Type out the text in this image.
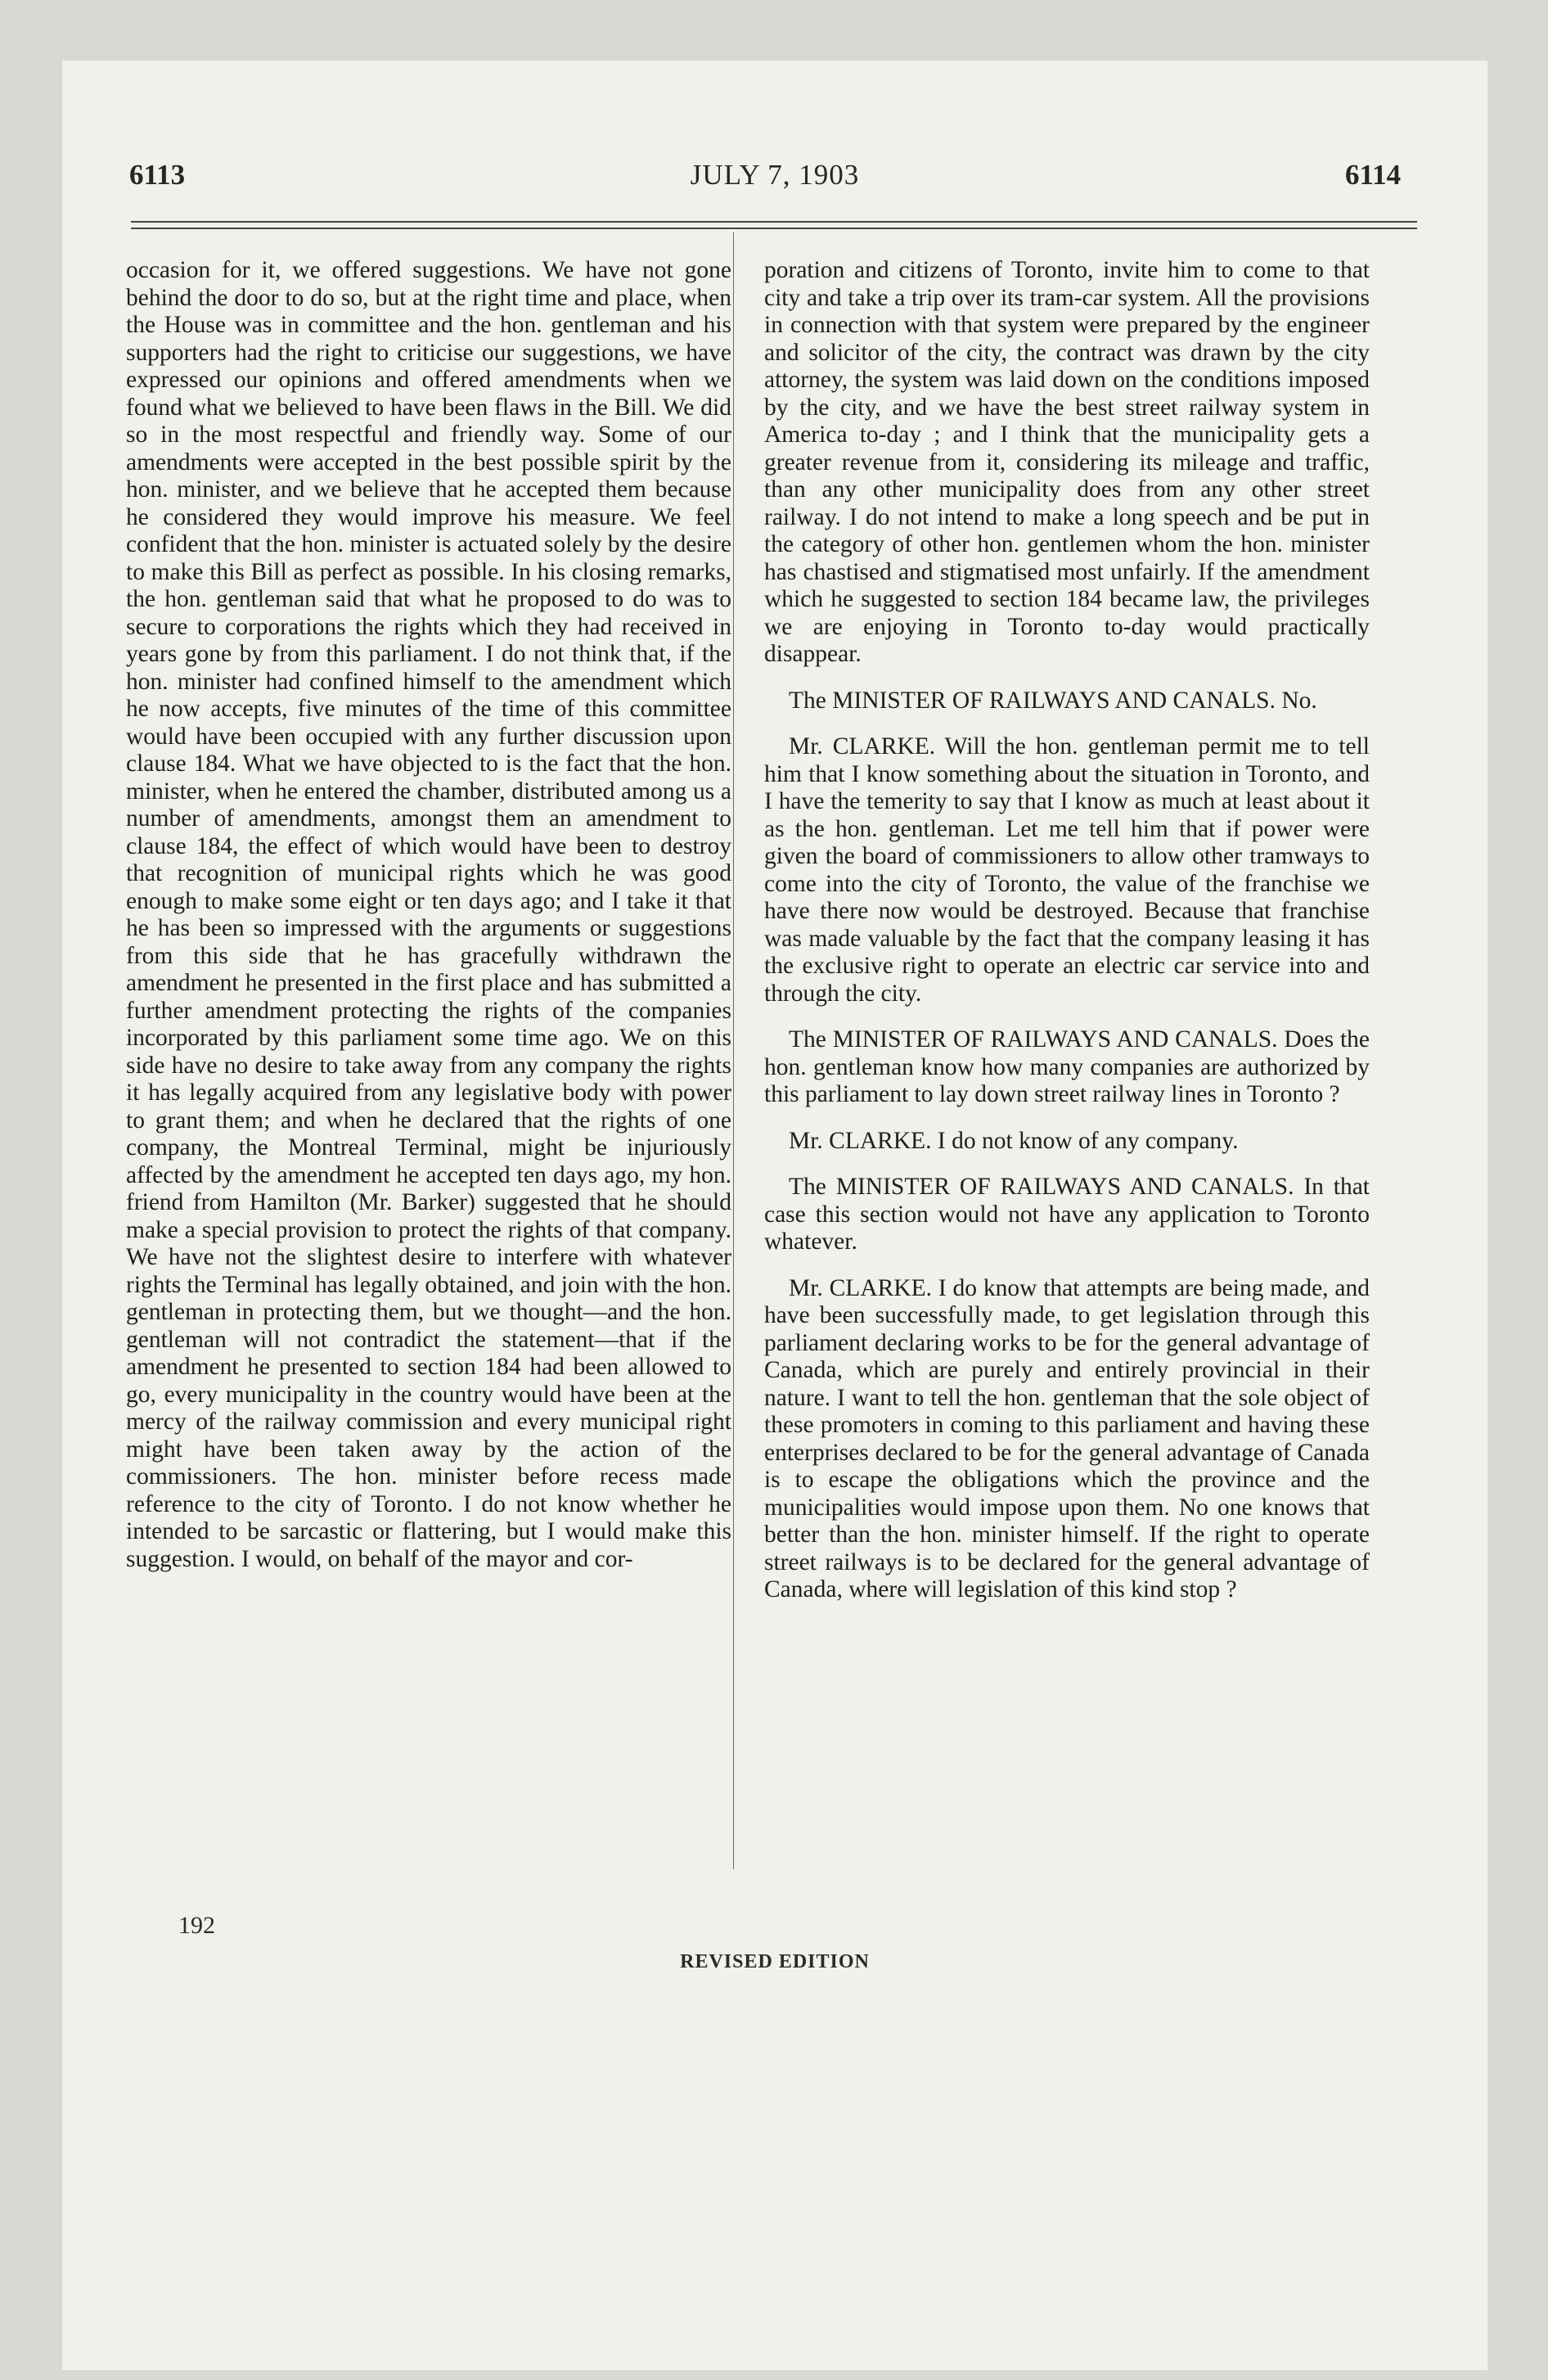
6113	JULY 7, 1903	6114

occasion for it, we offered suggestions. We have not gone behind the door to do so, but at the right time and place, when the House was in committee and the hon. gentleman and his supporters had the right to criticise our suggestions, we have expressed our opinions and offered amendments when we found what we believed to have been flaws in the Bill. We did so in the most respectful and friendly way. Some of our amendments were accepted in the best possible spirit by the hon. minister, and we believe that he accepted them because he considered they would improve his measure. We feel confident that the hon. minister is actuated solely by the desire to make this Bill as perfect as possible. In his closing remarks, the hon. gentleman said that what he proposed to do was to secure to corporations the rights which they had received in years gone by from this parliament. I do not think that, if the hon. minister had confined himself to the amendment which he now accepts, five minutes of the time of this committee would have been occupied with any further discussion upon clause 184. What we have objected to is the fact that the hon. minister, when he entered the chamber, distributed among us a number of amendments, amongst them an amendment to clause 184, the effect of which would have been to destroy that recognition of municipal rights which he was good enough to make some eight or ten days ago; and I take it that he has been so impressed with the arguments or suggestions from this side that he has gracefully withdrawn the amendment he presented in the first place and has submitted a further amendment protecting the rights of the companies incorporated by this parliament some time ago. We on this side have no desire to take away from any company the rights it has legally acquired from any legislative body with power to grant them; and when he declared that the rights of one company, the Montreal Terminal, might be injuriously affected by the amendment he accepted ten days ago, my hon. friend from Hamilton (Mr. Barker) suggested that he should make a special provision to protect the rights of that company. We have not the slightest desire to interfere with whatever rights the Terminal has legally obtained, and join with the hon. gentleman in protecting them, but we thought—and the hon. gentleman will not contradict the statement—that if the amendment he presented to section 184 had been allowed to go, every municipality in the country would have been at the mercy of the railway commission and every municipal right might have been taken away by the action of the commissioners. The hon. minister before recess made reference to the city of Toronto. I do not know whether he intended to be sarcastic or flattering, but I would make this suggestion. I would, on behalf of the mayor and cor-

poration and citizens of Toronto, invite him to come to that city and take a trip over its tram-car system. All the provisions in connection with that system were prepared by the engineer and solicitor of the city, the contract was drawn by the city attorney, the system was laid down on the conditions imposed by the city, and we have the best street railway system in America to-day ; and I think that the municipality gets a greater revenue from it, considering its mileage and traffic, than any other municipality does from any other street railway. I do not intend to make a long speech and be put in the category of other hon. gentlemen whom the hon. minister has chastised and stigmatised most unfairly. If the amendment which he suggested to section 184 became law, the privileges we are enjoying in Toronto to-day would practically disappear.

The MINISTER OF RAILWAYS AND CANALS. No.

Mr. CLARKE. Will the hon. gentleman permit me to tell him that I know something about the situation in Toronto, and I have the temerity to say that I know as much at least about it as the hon. gentleman. Let me tell him that if power were given the board of commissioners to allow other tramways to come into the city of Toronto, the value of the franchise we have there now would be destroyed. Because that franchise was made valuable by the fact that the company leasing it has the exclusive right to operate an electric car service into and through the city.

The MINISTER OF RAILWAYS AND CANALS. Does the hon. gentleman know how many companies are authorized by this parliament to lay down street railway lines in Toronto ?

Mr. CLARKE. I do not know of any company.

The MINISTER OF RAILWAYS AND CANALS. In that case this section would not have any application to Toronto whatever.

Mr. CLARKE. I do know that attempts are being made, and have been successfully made, to get legislation through this parliament declaring works to be for the general advantage of Canada, which are purely and entirely provincial in their nature. I want to tell the hon. gentleman that the sole object of these promoters in coming to this parliament and having these enterprises declared to be for the general advantage of Canada is to escape the obligations which the province and the municipalities would impose upon them. No one knows that better than the hon. minister himself. If the right to operate street railways is to be declared for the general advantage of Canada, where will legislation of this kind stop ?

192
REVISED EDITION
